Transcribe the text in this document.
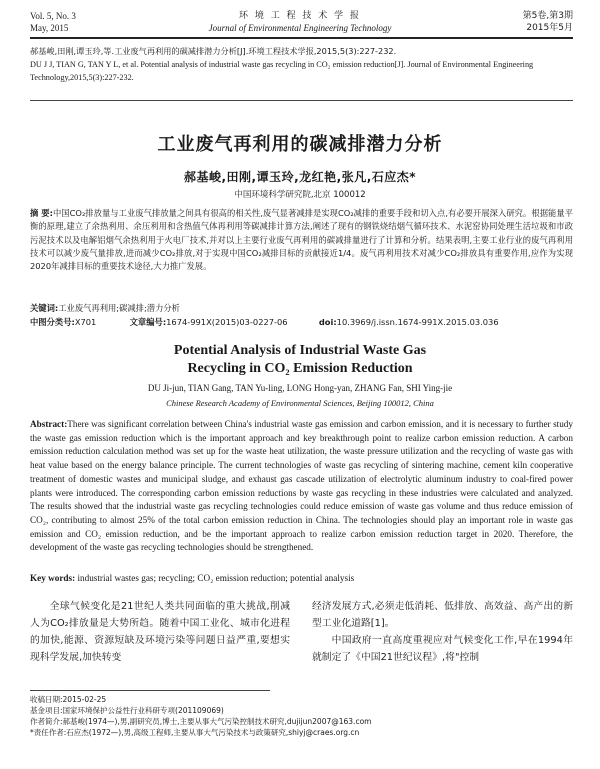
Vol. 5, No. 3
May, 2015
环 境 工 程 技 术 学 报
Journal of Environmental Engineering Technology
第5卷,第3期
2015年5月
郝基峻,田刚,谭玉玲,等.工业废气再利用的碳减排潜力分析[J].环境工程技术学报,2015,5(3):227-232.
DU J J, TIAN G, TAN Y L, et al. Potential analysis of industrial waste gas recycling in CO₂ emission reduction[J]. Journal of Environmental Engineering
Technology,2015,5(3):227-232.
工业废气再利用的碳减排潜力分析
郝基峻,田刚,谭玉玲,龙红艳,张凡,石应杰*
中国环境科学研究院,北京 100012
摘 要:中国CO₂排放量与工业废气排放量之间具有很高的相关性,废气显著减排是实现CO₂减排的重要手段和切入点,有必要开展深入研究。根据能量平衡的原理,建立了余热利用、余压利用和含热值气体再利用等碳减排计算方法,阐述了现有的钢铁烧结烟气循环技术、水泥窑协同处理生活垃圾和市政污泥技术以及电解铝烟气余热利用于火电厂技术,并对以上主要行业废气再利用的碳减排量进行了计算和分析。结果表明,主要工业行业的废气再利用技术可以减少废气量排放,进而减少CO₂排放,对于实现中国CO₂减排目标的贡献接近1/4。废气再利用技术对减少CO₂排放具有重要作用,应作为实现2020年减排目标的重要技术途径,大力推广发展。
关键词:工业废气再利用;碳减排;潜力分析
中图分类号:X701	文章编号:1674-991X(2015)03-0227-06	doi:10.3969/j.issn.1674-991X.2015.03.036
Potential Analysis of Industrial Waste Gas
Recycling in CO₂ Emission Reduction
DU Ji-jun, TIAN Gang, TAN Yu-ling, LONG Hong-yan, ZHANG Fan, SHI Ying-jie
Chinese Research Academy of Environmental Sciences, Beijing 100012, China
Abstract:There was significant correlation between China's industrial waste gas emission and carbon emission, and it is necessary to further study the waste gas emission reduction which is the important approach and key breakthrough point to realize carbon emission reduction. A carbon emission reduction calculation method was set up for the waste heat utilization, the waste pressure utilization and the recycling of waste gas with heat value based on the energy balance principle. The current technologies of waste gas recycling of sintering machine, cement kiln cooperative treatment of domestic wastes and municipal sludge, and exhaust gas cascade utilization of electrolytic aluminum industry to coal-fired power plants were introduced. The corresponding carbon emission reductions by waste gas recycling in these industries were calculated and analyzed. The results showed that the industrial waste gas recycling technologies could reduce emission of waste gas volume and thus reduce emission of CO₂, contributing to almost 25% of the total carbon emission reduction in China. The technologies should play an important role in waste gas emission and CO₂ emission reduction, and be the important approach to realize carbon emission reduction target in 2020. Therefore, the development of the waste gas recycling technologies should be strengthened.
Key words: industrial wastes gas; recycling; CO₂ emission reduction; potential analysis
全球气候变化是21世纪人类共同面临的重大挑战,削减人为CO₂排放量是大势所趋。随着中国工业化、城市化进程的加快,能源、资源短缺及环境污染等问题日益严重,要想实现科学发展,加快转变
经济发展方式,必须走低消耗、低排放、高效益、高产出的新型工业化道路[1]。
中国政府一直高度重视应对气候变化工作,早在1994年就制定了《中国21世纪议程》,将"控制
收稿日期:2015-02-25
基金项目:国家环境保护公益性行业科研专项(201109069)
作者简介:郝基峻(1974—),男,副研究员,博士,主要从事大气污染控制技术研究,dujijun2007@163.com
*责任作者:石应杰(1972—),男,高级工程师,主要从事大气污染技术与政策研究,shiyj@craes.org.cn
